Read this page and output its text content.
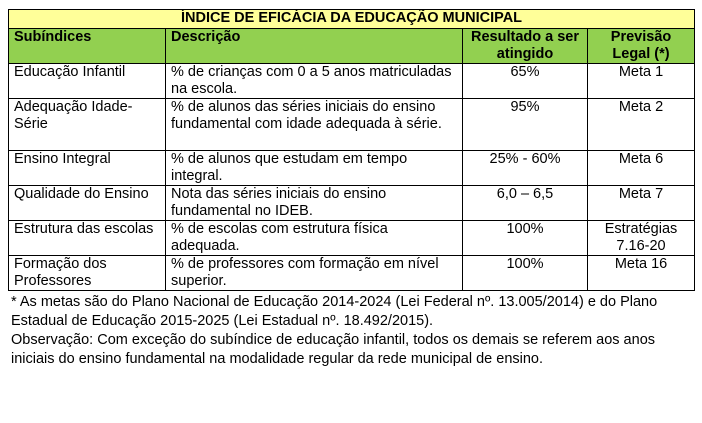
ÍNDICE DE EFICÁCIA DA EDUCAÇÃO MUNICIPAL			
Subíndices	Descrição	Resultado a ser atingido	Previsão Legal (*)
Educação Infantil	% de crianças com 0 a 5 anos matriculadas na escola.	65%	Meta 1
Adequação Idade-Série	% de alunos das séries iniciais do ensino fundamental com idade adequada à série.	95%	Meta 2
Ensino Integral	% de alunos que estudam em tempo integral.	25% - 60%	Meta 6
Qualidade do Ensino	Nota das séries iniciais do ensino fundamental no IDEB.	6,0 – 6,5	Meta 7
Estrutura das escolas	% de escolas com estrutura física adequada.	100%	Estratégias 7.16-20
Formação dos Professores	% de professores com formação em nível superior.	100%	Meta 16

* As metas são do Plano Nacional de Educação 2014-2024 (Lei Federal nº. 13.005/2014) e do Plano Estadual de Educação 2015-2025 (Lei Estadual nº. 18.492/2015).

Observação: Com exceção do subíndice de educação infantil, todos os demais se referem aos anos iniciais do ensino fundamental na modalidade regular da rede municipal de ensino.
